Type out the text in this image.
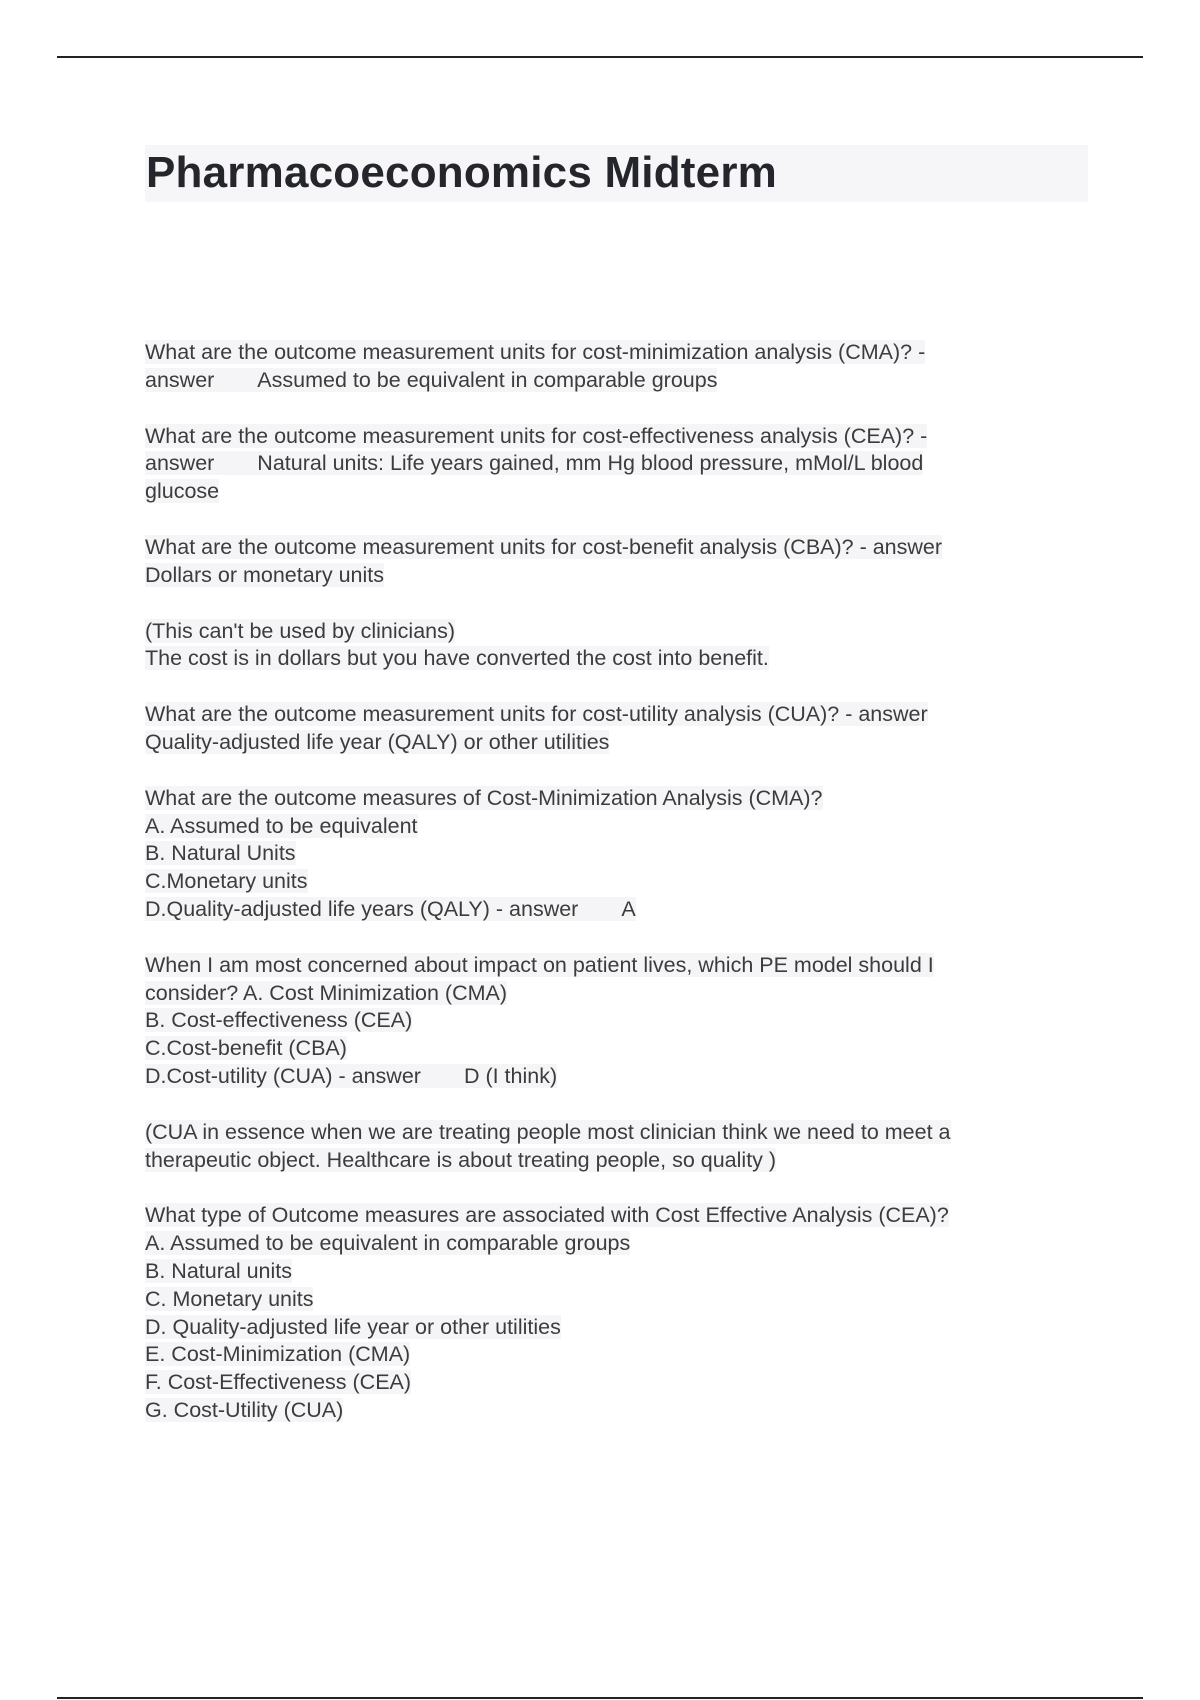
Pharmacoeconomics Midterm
What are the outcome measurement units for cost-minimization analysis (CMA)? -
answer  Assumed to be equivalent in comparable groups
What are the outcome measurement units for cost-effectiveness analysis (CEA)? -
answer  Natural units: Life years gained, mm Hg blood pressure, mMol/L blood
glucose
What are the outcome measurement units for cost-benefit analysis (CBA)? - answer
Dollars or monetary units
(This can't be used by clinicians)
The cost is in dollars but you have converted the cost into benefit.
What are the outcome measurement units for cost-utility analysis (CUA)? - answer
Quality-adjusted life year (QALY) or other utilities
What are the outcome measures of Cost-Minimization Analysis (CMA)?
A. Assumed to be equivalent
B. Natural Units
C.Monetary units
D.Quality-adjusted life years (QALY) - answer  A
When I am most concerned about impact on patient lives, which PE model should I
consider? A. Cost Minimization (CMA)
B. Cost-effectiveness (CEA)
C.Cost-benefit (CBA)
D.Cost-utility (CUA) - answer  D (I think)
(CUA in essence when we are treating people most clinician think we need to meet a
therapeutic object. Healthcare is about treating people, so quality )
What type of Outcome measures are associated with Cost Effective Analysis (CEA)?
A. Assumed to be equivalent in comparable groups
B. Natural units
C. Monetary units
D. Quality-adjusted life year or other utilities
E. Cost-Minimization (CMA)
F. Cost-Effectiveness (CEA)
G. Cost-Utility (CUA)
